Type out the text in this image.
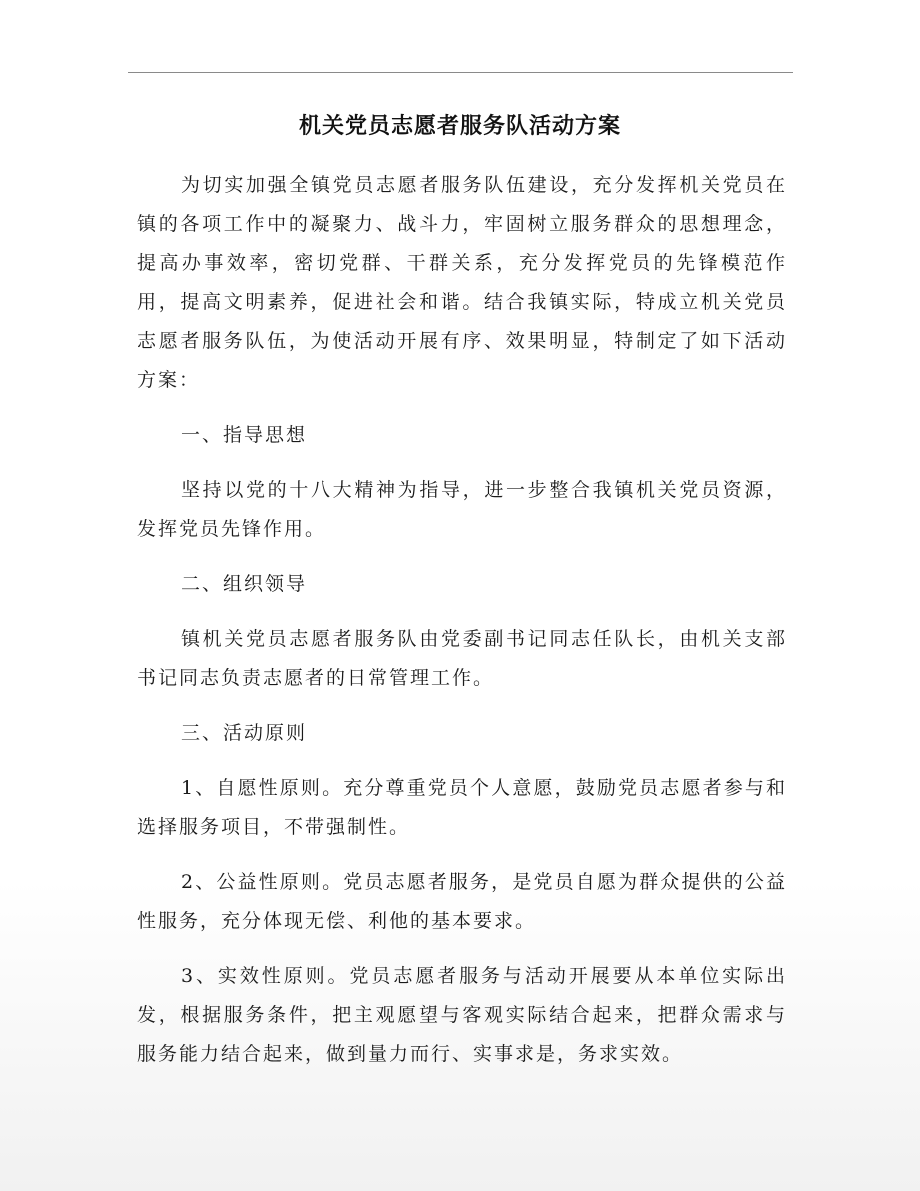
机关党员志愿者服务队活动方案

为切实加强全镇党员志愿者服务队伍建设，充分发挥机关党员在镇的各项工作中的凝聚力、战斗力，牢固树立服务群众的思想理念，提高办事效率，密切党群、干群关系，充分发挥党员的先锋模范作用，提高文明素养，促进社会和谐。结合我镇实际，特成立机关党员志愿者服务队伍，为使活动开展有序、效果明显，特制定了如下活动方案：

一、指导思想

坚持以党的十八大精神为指导，进一步整合我镇机关党员资源，发挥党员先锋作用。

二、组织领导

镇机关党员志愿者服务队由党委副书记同志任队长，由机关支部书记同志负责志愿者的日常管理工作。

三、活动原则

1、自愿性原则。充分尊重党员个人意愿，鼓励党员志愿者参与和选择服务项目，不带强制性。

2、公益性原则。党员志愿者服务，是党员自愿为群众提供的公益性服务，充分体现无偿、利他的基本要求。

3、实效性原则。党员志愿者服务与活动开展要从本单位实际出发，根据服务条件，把主观愿望与客观实际结合起来，把群众需求与服务能力结合起来，做到量力而行、实事求是，务求实效。
